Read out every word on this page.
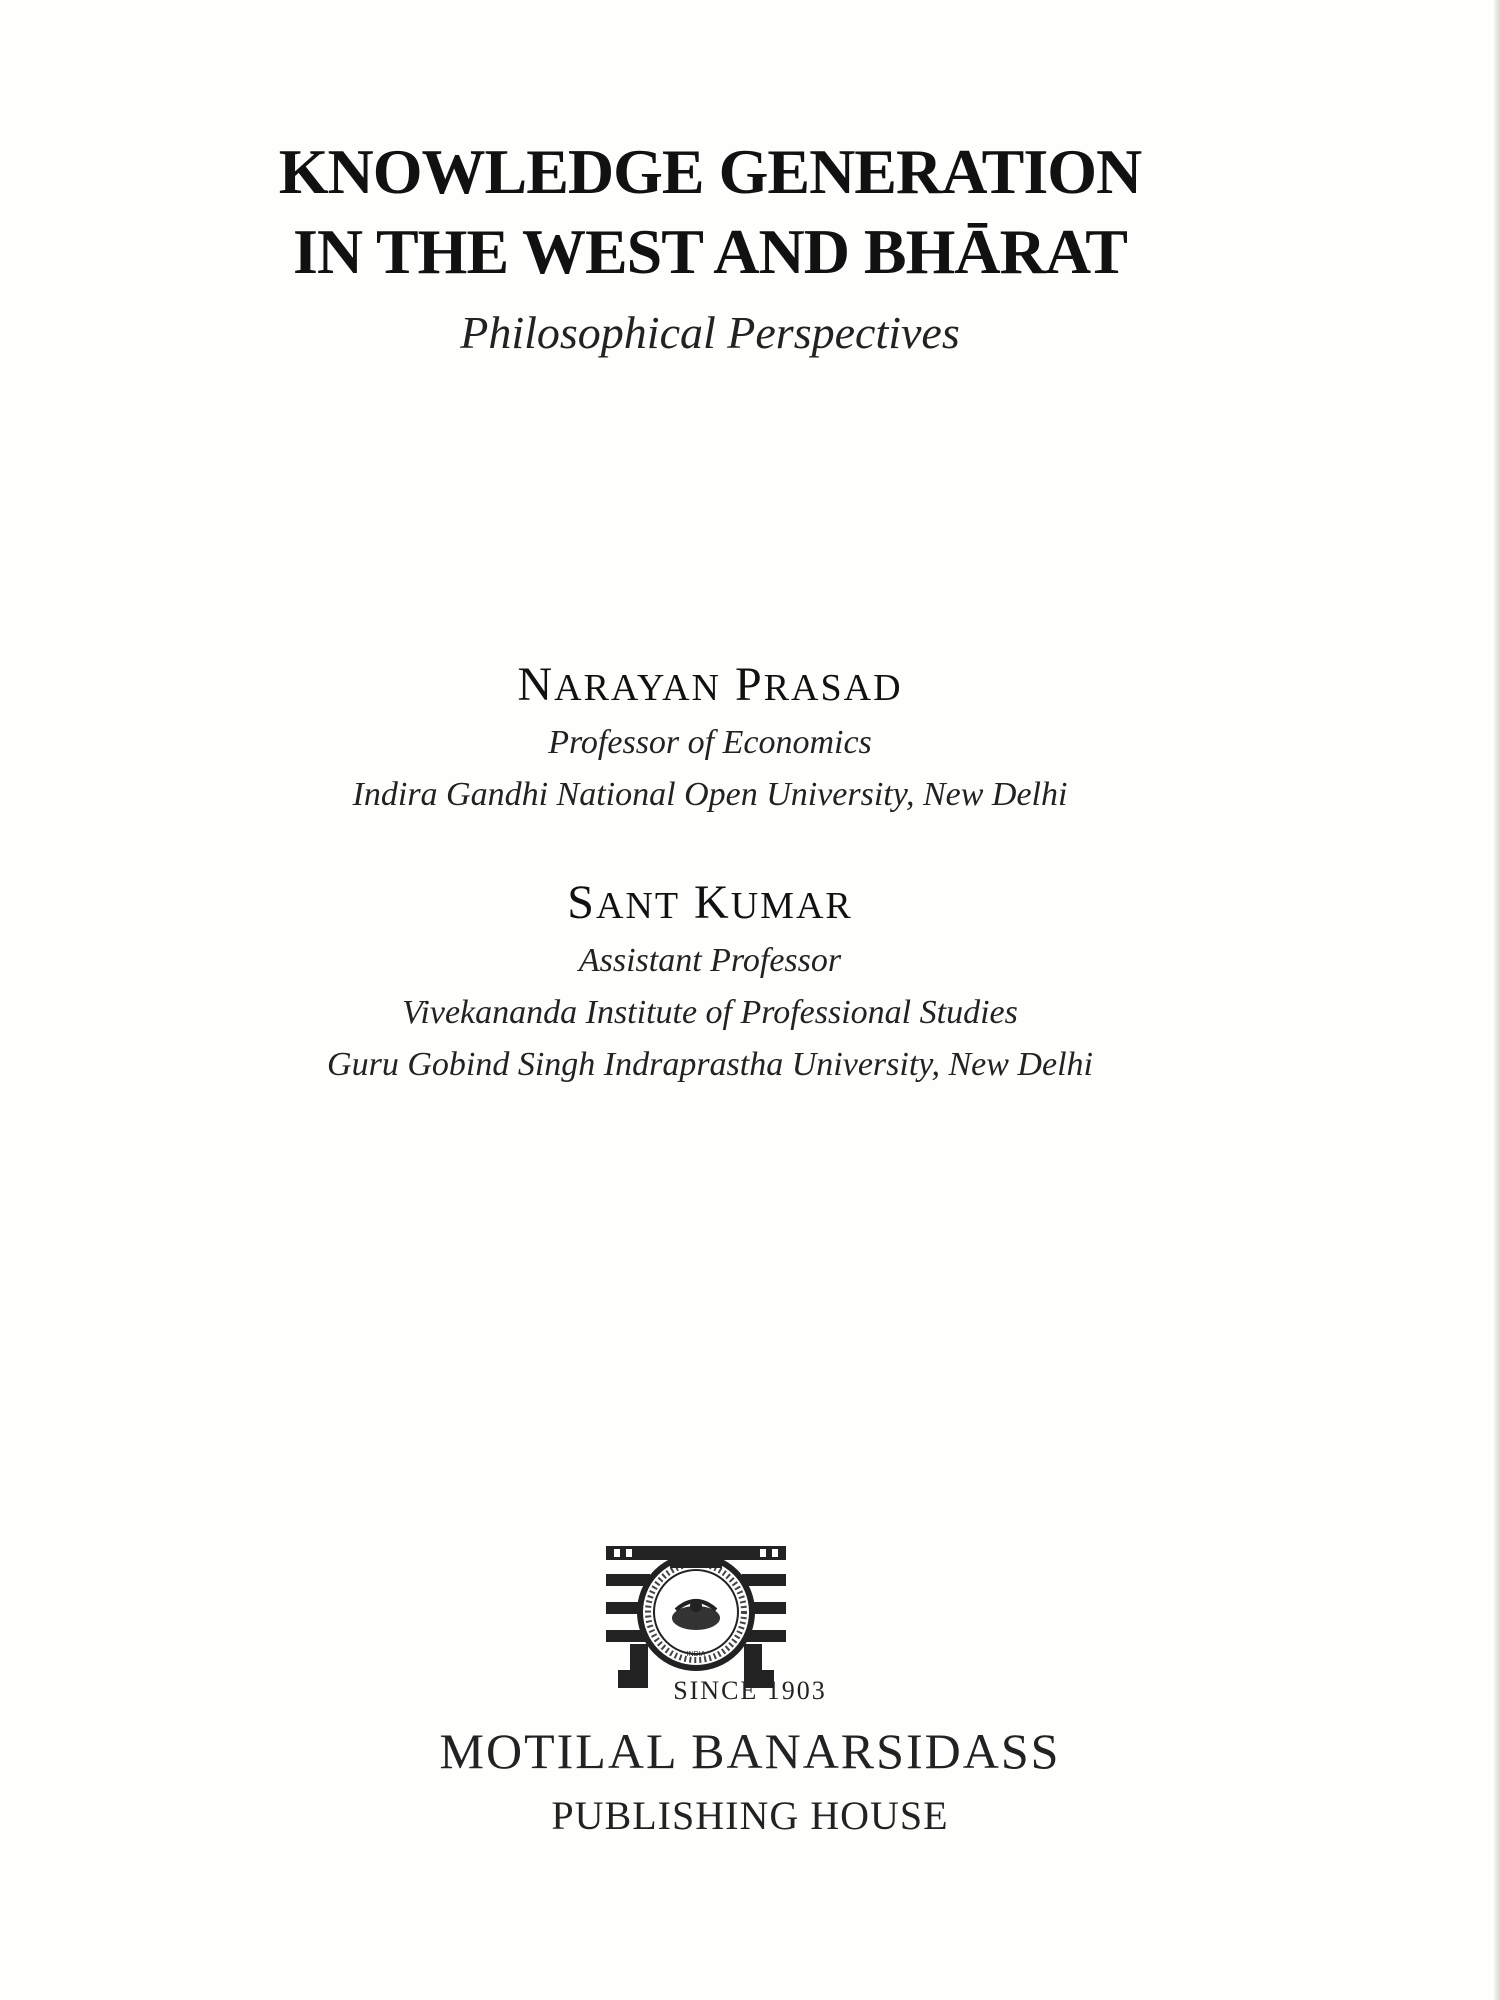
KNOWLEDGE GENERATION

IN THE WEST AND BHĀRAT

Philosophical Perspectives

NARAYAN PRASAD

Professor of Economics

Indira Gandhi National Open University, New Delhi

SANT KUMAR

Assistant Professor

Vivekananda Institute of Professional Studies

Guru Gobind Singh Indraprastha University, New Delhi

INDIA
SINCE 1903
MOTILAL BANARSIDASS
PUBLISHING HOUSE
